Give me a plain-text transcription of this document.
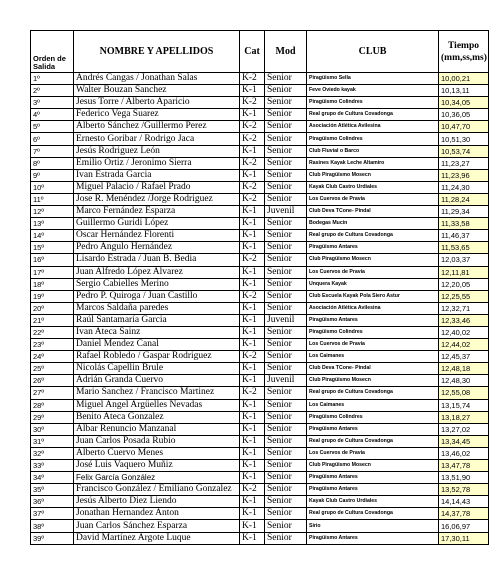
Orden de Salida	NOMBRE Y APELLIDOS	Cat	Mod	CLUB	Tiempo (mm,ss,ms)
1º	Andrés Cangas / Jonathan Salas	K-2	Senior	Piragüismo Sella	10,00,21
2º	Walter Bouzan Sanchez	K-1	Senior	Feve Oviedo kayak	10,13,11
3º	Jesus Torre / Alberto Aparicio	K-2	Senior	Piragüismo Colindres	10,34,05
4º	Federico Vega Suarez	K-1	Senior	Real grupo de Cultura Covadonga	10,36,05
5º	Alberto Sánchez /Guillermo Perez	K-2	Senior	Asociación Atlética Avilesina	10,47,70
6º	Ernesto Goribar / Rodrigo Jaca	K-2	Senior	Piragüismo Colindres	10,51,30
7º	Jesús Rodriguez León	K-1	Senior	Club Fluvial o Barco	10,53,74
8º	Emilio Ortiz / Jeronimo Sierra	K-2	Senior	Rasines Kayak Leche Altamiro	11,23,27
9º	Ivan Estrada Garcia	K-1	Senior	Club Piragüismo Mosecn	11,23,96
10º	Miguel Palacio / Rafael Prado	K-2	Senior	Kayak Club Castro Urdiales	11,24,30
11º	Jose R. Menéndez /Jorge Rodriguez	K-2	Senior	Los Cuervos de Pravia	11,28,24
12º	Marco Fernández Esparza	K-1	Juvenil	Club Deva TCone- Pindal	11,29,34
13º	Guillermo Guridi López	K-1	Senior	Bodegas Mucin	11,33,58
14º	Oscar Hernández Florenti	K-1	Senior	Real grupo de Cultura Covadonga	11,46,37
15º	Pedro Angulo Hernández	K-1	Senior	Piragüismo Antares	11,53,65
16º	Lisardo Estrada / Juan B. Bedia	K-2	Senior	Club Piragüismo Mosecn	12,03,37
17º	Juan Alfredo López Alvarez	K-1	Senior	Los Cuervos de Pravia	12,11,81
18º	Sergio Cabielles Merino	K-1	Senior	Unquera Kayak	12,20,05
19º	Pedro P. Quiroga / Juan Castillo	K-2	Senior	Club Escuela Kayak Pola Siero Astur	12,25,55
20º	Marcos Saldaña paredes	K-1	Senior	Asociación Atlética Avilesina	12,32,71
21º	Raúl Santamaría Garcia	K-1	Juvenil	Piragüismo Antares	12,33,46
22º	Ivan Ateca Sainz	K-1	Senior	Piragüismo Colindres	12,40,02
23º	Daniel Mendez Canal	K-1	Senior	Los Cuervos de Pravia	12,44,02
24º	Rafael Robledo / Gaspar Rodriguez	K-2	Senior	Los Caimanes	12,45,37
25º	Nicolás Capellin Brule	K-1	Senior	Club Deva TCone- Pindal	12,48,18
26º	Adrián Granda Cuervo	K-1	Juvenil	Club Piragüismo Mosecn	12,48,30
27º	Mario Sanchez / Francisco Martinez	K-2	Senior	Real grupo de Cultura Covadonga	12,55,08
28º	Miguel Angel Argüelles Nevadas	K-1	Senior	Los Caimanes	13,15,74
29º	Benito Ateca Gonzalez	K-1	Senior	Piragüismo Colindres	13,18,27
30º	Albar Renuncio Manzanal	K-1	Senior	Piragüismo Antares	13,27,02
31º	Juan Carlos Posada Rubio	K-1	Senior	Real grupo de Cultura Covadonga	13,34,45
32º	Alberto Cuervo Menes	K-1	Senior	Los Cuervos de Pravia	13,46,02
33º	José Luis Vaquero Muñiz	K-1	Senior	Club Piragüismo Mosecn	13,47,78
34º	Felix García González	K-1	Senior	Piragüismo Antares	13,51,90
35º	Francisco González / Emiliano Gonzalez	K-2	Senior	Piragüismo Antares	13,52,78
36º	Jesús Alberto Diez Liendo	K-1	Senior	Kayak Club Castro Urdiales	14,14,43
37º	Jonathan Hernandez Anton	K-1	Senior	Real grupo de Cultura Covadonga	14,37,78
38º	Juan Carlos Sánchez Esparza	K-1	Senior	Sirio	16,06,97
39º	David Martínez Argote Luque	K-1	Senior	Piragüismo Antares	17,30,11
